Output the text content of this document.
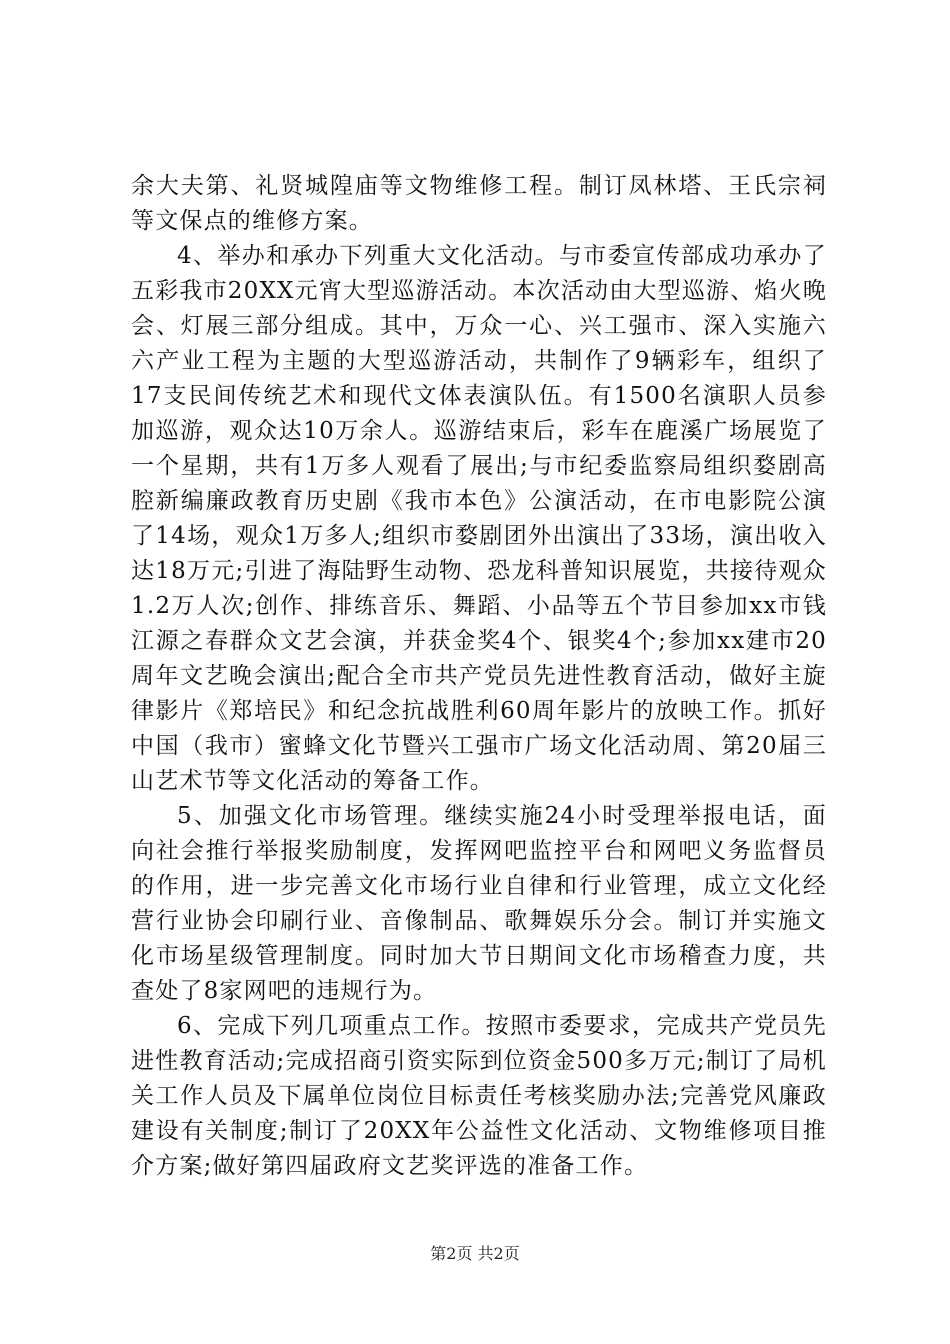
余大夫第、礼贤城隍庙等文物维修工程。制订凤林塔、王氏宗祠等文保点的维修方案。

4、举办和承办下列重大文化活动。与市委宣传部成功承办了五彩我市20XX元宵大型巡游活动。本次活动由大型巡游、焰火晚会、灯展三部分组成。其中，万众一心、兴工强市、深入实施六六产业工程为主题的大型巡游活动，共制作了9辆彩车，组织了17支民间传统艺术和现代文体表演队伍。有1500名演职人员参加巡游，观众达10万余人。巡游结束后，彩车在鹿溪广场展览了一个星期，共有1万多人观看了展出;与市纪委监察局组织婺剧高腔新编廉政教育历史剧《我市本色》公演活动，在市电影院公演了14场，观众1万多人;组织市婺剧团外出演出了33场，演出收入达18万元;引进了海陆野生动物、恐龙科普知识展览，共接待观众1.2万人次;创作、排练音乐、舞蹈、小品等五个节目参加xx市钱江源之春群众文艺会演，并获金奖4个、银奖4个;参加xx建市20周年文艺晚会演出;配合全市共产党员先进性教育活动，做好主旋律影片《郑培民》和纪念抗战胜利60周年影片的放映工作。抓好中国（我市）蜜蜂文化节暨兴工强市广场文化活动周、第20届三山艺术节等文化活动的筹备工作。

5、加强文化市场管理。继续实施24小时受理举报电话，面向社会推行举报奖励制度，发挥网吧监控平台和网吧义务监督员的作用，进一步完善文化市场行业自律和行业管理，成立文化经营行业协会印刷行业、音像制品、歌舞娱乐分会。制订并实施文化市场星级管理制度。同时加大节日期间文化市场稽查力度，共查处了8家网吧的违规行为。

6、完成下列几项重点工作。按照市委要求，完成共产党员先进性教育活动;完成招商引资实际到位资金500多万元;制订了局机关工作人员及下属单位岗位目标责任考核奖励办法;完善党风廉政建设有关制度;制订了20XX年公益性文化活动、文物维修项目推介方案;做好第四届政府文艺奖评选的准备工作。

第2页 共2页
